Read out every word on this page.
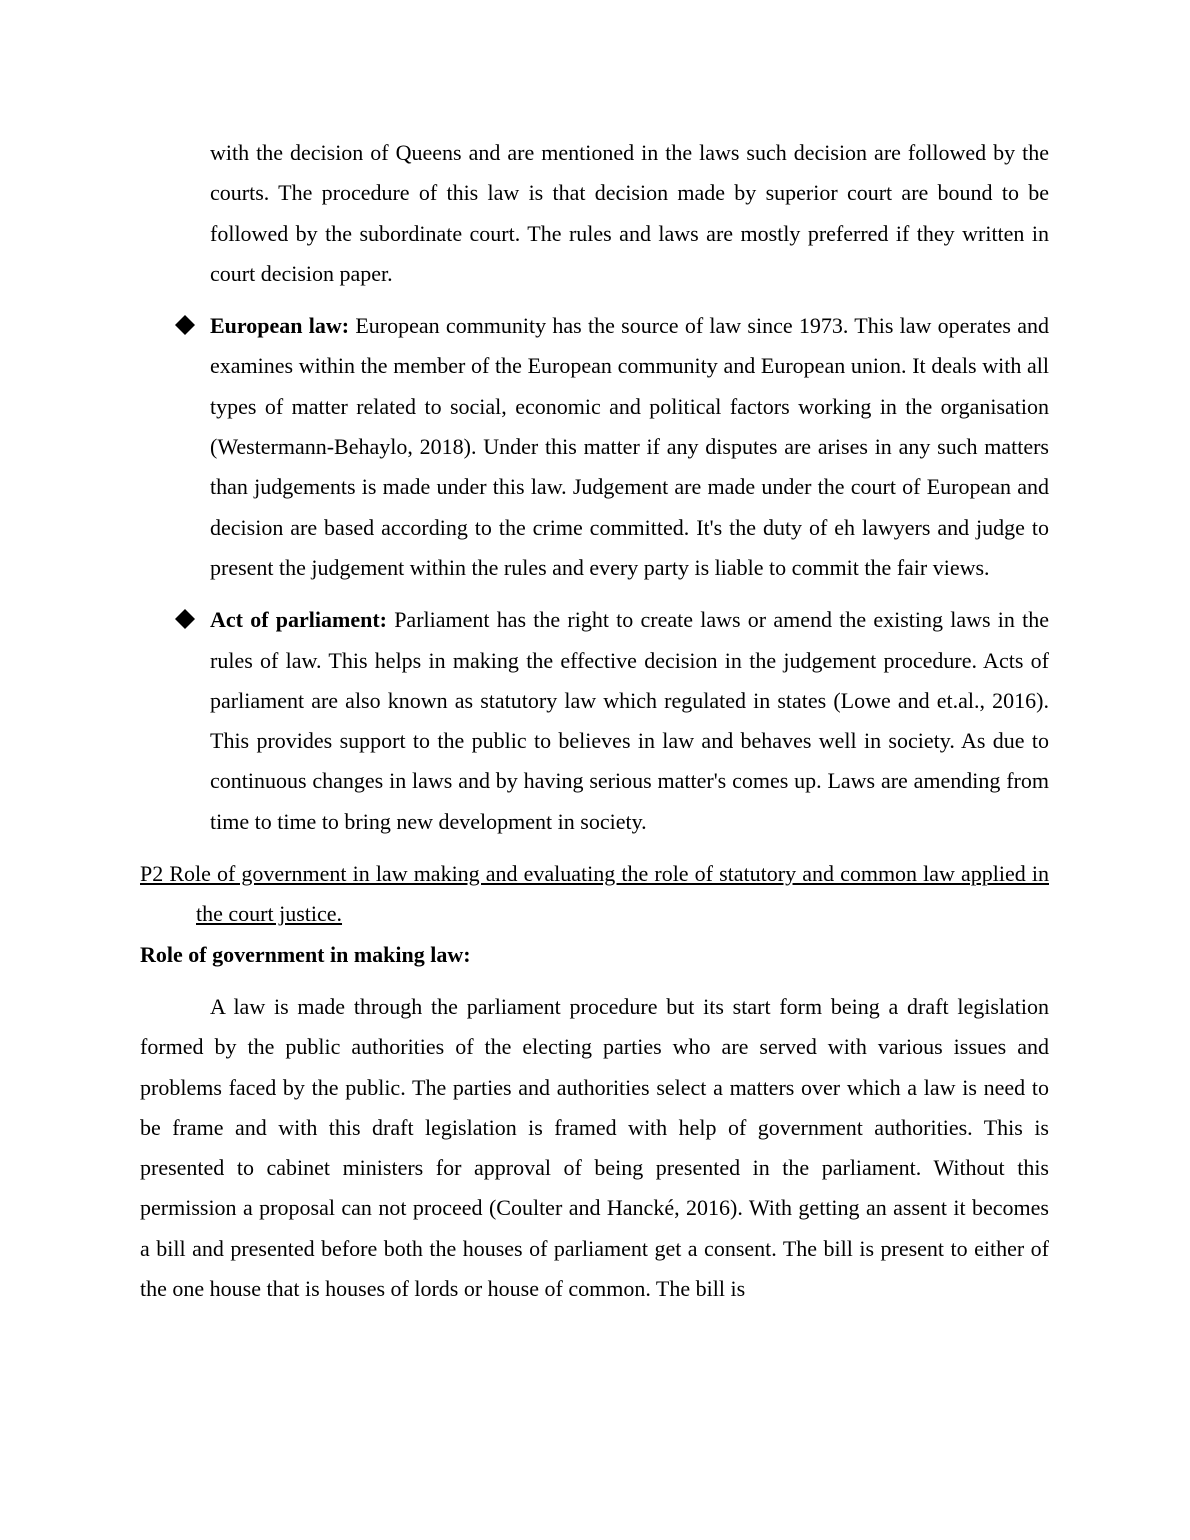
with the decision of Queens and are mentioned in the laws such decision are followed by the courts. The procedure of this law is that decision made by superior court are bound to be followed by the subordinate court. The rules and laws are mostly preferred if they written in court decision paper.

European law: European community has the source of law since 1973. This law operates and examines within the member of the European community and European union. It deals with all types of matter related to social, economic and political factors working in the organisation (Westermann-Behaylo, 2018). Under this matter if any disputes are arises in any such matters than judgements is made under this law. Judgement are made under the court of European and decision are based according to the crime committed. It's the duty of eh lawyers and judge to present the judgement within the rules and every party is liable to commit the fair views.

Act of parliament: Parliament has the right to create laws or amend the existing laws in the rules of law. This helps in making the effective decision in the judgement procedure. Acts of parliament are also known as statutory law which regulated in states (Lowe and et.al., 2016). This provides support to the public to believes in law and behaves well in society. As due to continuous changes in laws and by having serious matter's comes up. Laws are amending from time to time to bring new development in society.

P2 Role of government in law making and evaluating the role of statutory and common law applied in the court justice.

Role of government in making law:

A law is made through the parliament procedure but its start form being a draft legislation formed by the public authorities of the electing parties who are served with various issues and problems faced by the public. The parties and authorities select a matters over which a law is need to be frame and with this draft legislation is framed with help of government authorities. This is presented to cabinet ministers for approval of being presented in the parliament. Without this permission a proposal can not proceed (Coulter and Hancké, 2016). With getting an assent it becomes a bill and presented before both the houses of parliament get a consent. The bill is present to either of the one house that is houses of lords or house of common. The bill is
